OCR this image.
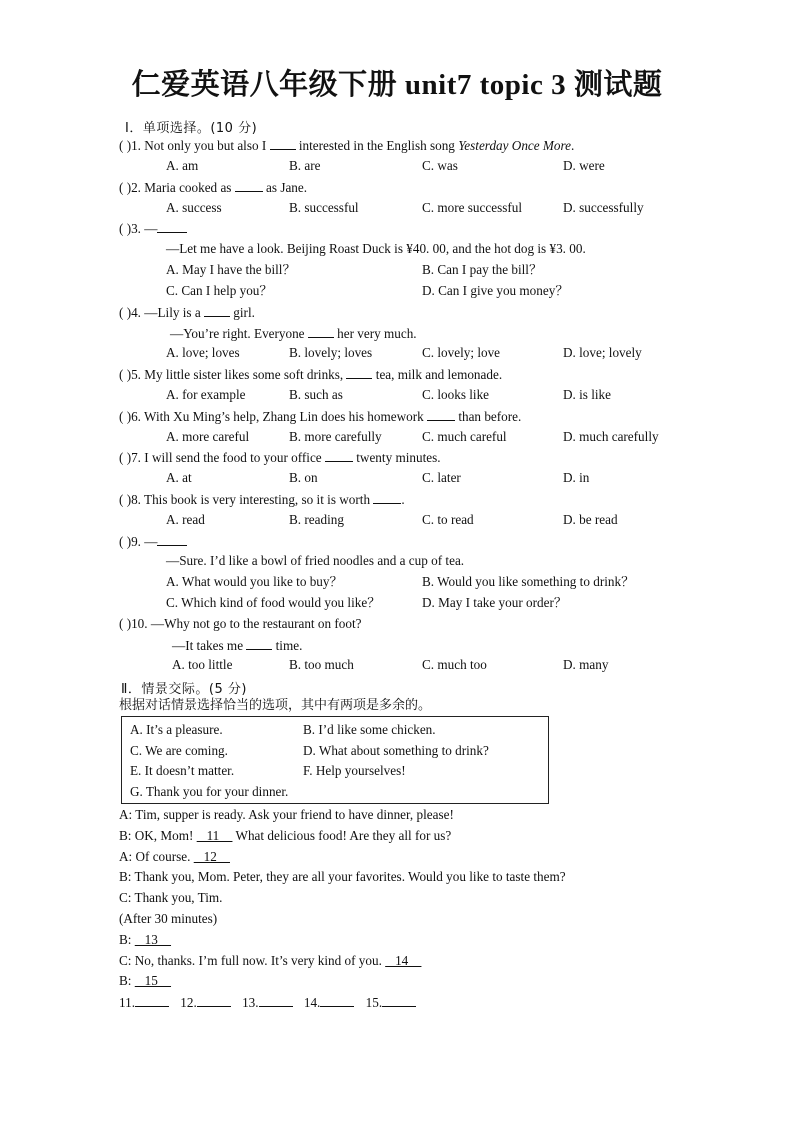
仁爱英语八年级下册 unit7 topic 3 测试题
Ⅰ．单项选择。(10 分)
( )1. Not only you but also I  interested in the English song Yesterday Once More.
A. am	B. are	C. was	D. were
( )2. Maria cooked as  as Jane.
A. success	B. successful	C. more successful	D. successfully
( )3. —
—Let me have a look. Beijing Roast Duck is ¥40. 00, and the hot dog is ¥3. 00.
A. May I have the bill？	B. Can I pay the bill？
C. Can I help you？	D. Can I give you money？
( )4. —Lily is a  girl.
—You’re right. Everyone  her very much.
A. love; loves	B. lovely; loves	C. lovely; love	D. love; lovely
( )5. My little sister likes some soft drinks,  tea, milk and lemonade.
A. for example	B. such as	C. looks like	D. is like
( )6. With Xu Ming’s help, Zhang Lin does his homework  than before.
A. more careful	B. more carefully	C. much careful	D. much carefully
( )7. I will send the food to your office  twenty minutes.
A. at	B. on	C. later	D. in
( )8. This book is very interesting, so it is worth .
A. read	B. reading	C. to read	D. be read
( )9. —
—Sure. I’d like a bowl of fried noodles and a cup of tea.
A. What would you like to buy？	B. Would you like something to drink？
C. Which kind of food would you like？	D. May I take your order？
( )10. —Why not go to the restaurant on foot?
—It takes me  time.
A. too little	B. too much	C. much too	D. many
Ⅱ．情景交际。(5 分)
根据对话情景选择恰当的选项，其中有两项是多余的。
A. It’s a pleasure.	B. I’d like some chicken.
C. We are coming.	D. What about something to drink?
E. It doesn’t matter.	F. Help yourselves!
G. Thank you for your dinner.
A: Tim, supper is ready. Ask your friend to have dinner, please!
B: OK, Mom!    11     What delicious food! Are they all for us?
A: Of course.    12
B: Thank you, Mom. Peter, they are all your favorites. Would you like to taste them?
C: Thank you, Tim.
(After 30 minutes)
B:    13
C: No, thanks. I’m full now. It’s very kind of you.    14
B:    15
11.	12.	13.	14.	15.
